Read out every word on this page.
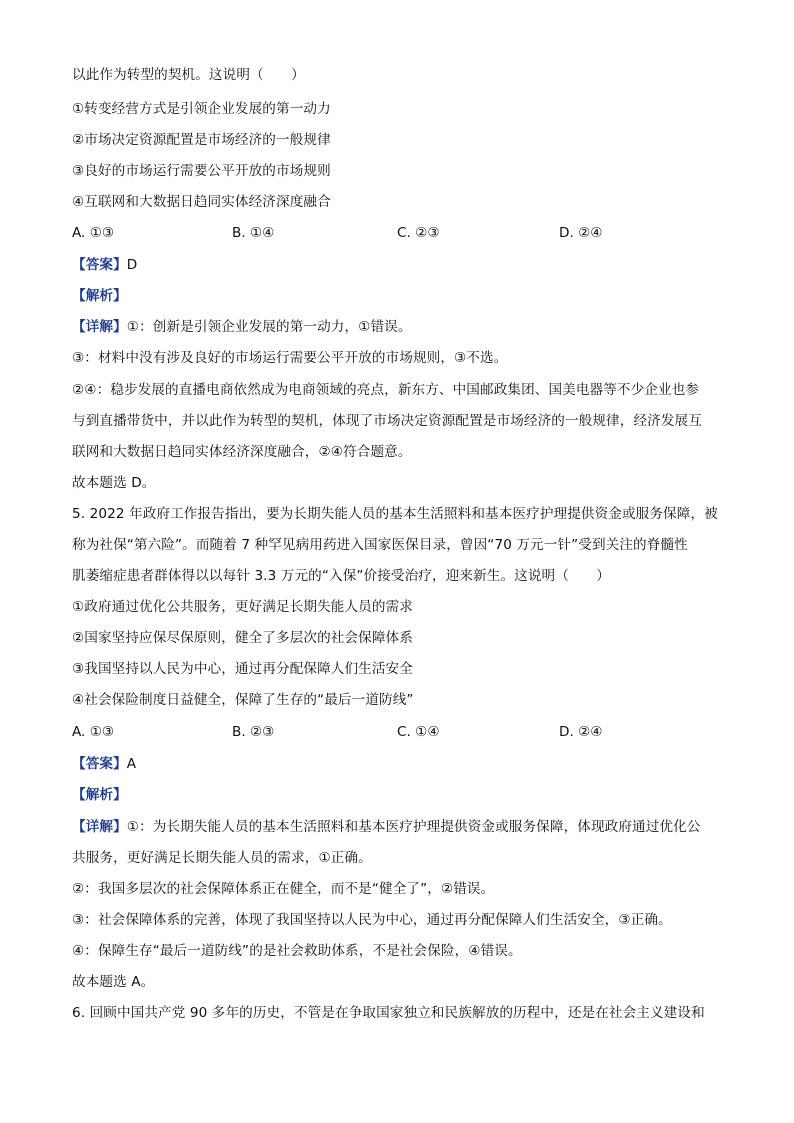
以此作为转型的契机。这说明（　　）
①转变经营方式是引领企业发展的第一动力
②市场决定资源配置是市场经济的一般规律
③良好的市场运行需要公平开放的市场规则
④互联网和大数据日趋同实体经济深度融合
A. ①③	B. ①④	C. ②③	D. ②④
【答案】D
【解析】
【详解】①：创新是引领企业发展的第一动力，①错误。
③：材料中没有涉及良好的市场运行需要公平开放的市场规则，③不选。
②④：稳步发展的直播电商依然成为电商领域的亮点，新东方、中国邮政集团、国美电器等不少企业也参
与到直播带货中，并以此作为转型的契机，体现了市场决定资源配置是市场经济的一般规律，经济发展互
联网和大数据日趋同实体经济深度融合，②④符合题意。
故本题选 D。
5. 2022 年政府工作报告指出，要为长期失能人员的基本生活照料和基本医疗护理提供资金或服务保障，被
称为社保“第六险”。而随着 7 种罕见病用药进入国家医保目录，曾因“70 万元一针”受到关注的脊髓性
肌萎缩症患者群体得以以每针 3.3 万元的“入保”价接受治疗，迎来新生。这说明（　　）
①政府通过优化公共服务，更好满足长期失能人员的需求
②国家坚持应保尽保原则，健全了多层次的社会保障体系
③我国坚持以人民为中心，通过再分配保障人们生活安全
④社会保险制度日益健全，保障了生存的“最后一道防线”
A. ①③	B. ②③	C. ①④	D. ②④
【答案】A
【解析】
【详解】①：为长期失能人员的基本生活照料和基本医疗护理提供资金或服务保障，体现政府通过优化公
共服务，更好满足长期失能人员的需求，①正确。
②：我国多层次的社会保障体系正在健全，而不是“健全了”，②错误。
③：社会保障体系的完善，体现了我国坚持以人民为中心，通过再分配保障人们生活安全，③正确。
④：保障生存“最后一道防线”的是社会救助体系，不是社会保险，④错误。
故本题选 A。
6. 回顾中国共产党 90 多年的历史，不管是在争取国家独立和民族解放的历程中，还是在社会主义建设和
